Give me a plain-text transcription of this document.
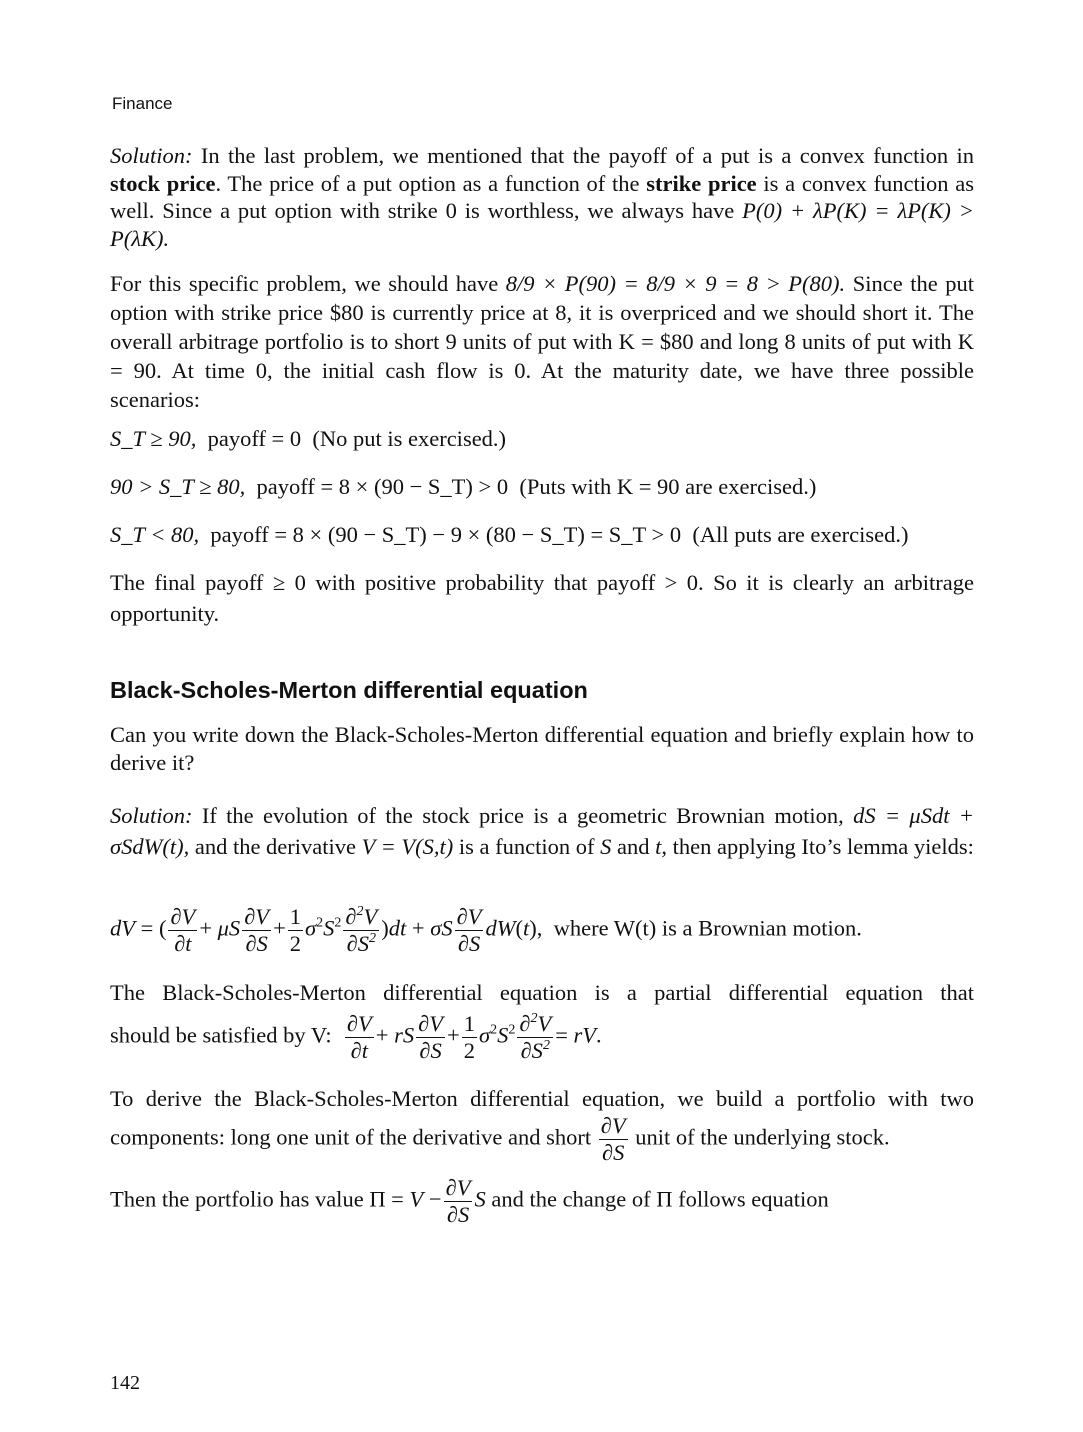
Finance
Solution: In the last problem, we mentioned that the payoff of a put is a convex function in stock price. The price of a put option as a function of the strike price is a convex function as well. Since a put option with strike 0 is worthless, we always have P(0) + λP(K) = λP(K) > P(λK).
For this specific problem, we should have 8/9 × P(90) = 8/9 × 9 = 8 > P(80). Since the put option with strike price $80 is currently price at 8, it is overpriced and we should short it. The overall arbitrage portfolio is to short 9 units of put with K = $80 and long 8 units of put with K = 90. At time 0, the initial cash flow is 0. At the maturity date, we have three possible scenarios:
S_T ≥ 90, payoff = 0 (No put is exercised.)
90 > S_T ≥ 80, payoff = 8 × (90 − S_T) > 0 (Puts with K = 90 are exercised.)
S_T < 80, payoff = 8 × (90 − S_T) − 9 × (80 − S_T) = S_T > 0 (All puts are exercised.)
The final payoff ≥ 0 with positive probability that payoff > 0. So it is clearly an arbitrage opportunity.
Black-Scholes-Merton differential equation
Can you write down the Black-Scholes-Merton differential equation and briefly explain how to derive it?
Solution: If the evolution of the stock price is a geometric Brownian motion, dS = μSdt + σSdW(t), and the derivative V = V(S,t) is a function of S and t, then applying Ito’s lemma yields:
dV = ( $\frac{\partial V}{\partial t} + \mu S \frac{\partial V}{\partial S} + \frac{1}{2} \sigma^2S^2 \frac{\partial^2V}{\partial S^2} )dt + \sigma S \frac{\partial V}{\partial S} dW(t)$,  where W(t) is a Brownian motion.
The Black-Scholes-Merton differential equation is a partial differential equation that
should be satisfied by V: $\frac{\partial V}{\partial t}$ + rS $\frac{\partial V}{\partial S} + \frac{1}{2} \sigma^2S^2 \frac{\partial^2V}{\partial S^2}$ = rV.
To derive the Black-Scholes-Merton differential equation, we build a portfolio with two
components: long one unit of the derivative and short $\frac{\partial V}{\partial S}$ unit of the underlying stock.
Then the portfolio has value $\Pi = V - \frac{\partial V}{\partial S}$ S and the change of Π follows equation
142
